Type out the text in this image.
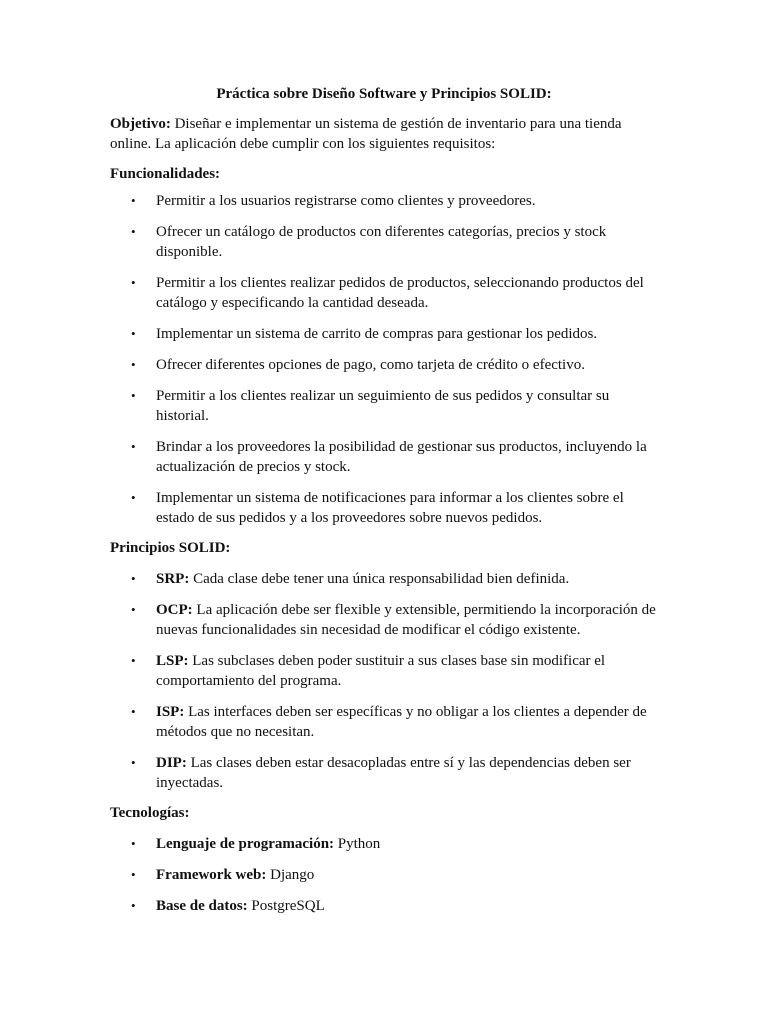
Práctica sobre Diseño Software y Principios SOLID:

Objetivo: Diseñar e implementar un sistema de gestión de inventario para una tienda online. La aplicación debe cumplir con los siguientes requisitos:

Funcionalidades:

• Permitir a los usuarios registrarse como clientes y proveedores.
• Ofrecer un catálogo de productos con diferentes categorías, precios y stock disponible.
• Permitir a los clientes realizar pedidos de productos, seleccionando productos del catálogo y especificando la cantidad deseada.
• Implementar un sistema de carrito de compras para gestionar los pedidos.
• Ofrecer diferentes opciones de pago, como tarjeta de crédito o efectivo.
• Permitir a los clientes realizar un seguimiento de sus pedidos y consultar su historial.
• Brindar a los proveedores la posibilidad de gestionar sus productos, incluyendo la actualización de precios y stock.
• Implementar un sistema de notificaciones para informar a los clientes sobre el estado de sus pedidos y a los proveedores sobre nuevos pedidos.

Principios SOLID:

• SRP: Cada clase debe tener una única responsabilidad bien definida.
• OCP: La aplicación debe ser flexible y extensible, permitiendo la incorporación de nuevas funcionalidades sin necesidad de modificar el código existente.
• LSP: Las subclases deben poder sustituir a sus clases base sin modificar el comportamiento del programa.
• ISP: Las interfaces deben ser específicas y no obligar a los clientes a depender de métodos que no necesitan.
• DIP: Las clases deben estar desacopladas entre sí y las dependencias deben ser inyectadas.

Tecnologías:

• Lenguaje de programación: Python
• Framework web: Django
• Base de datos: PostgreSQL
